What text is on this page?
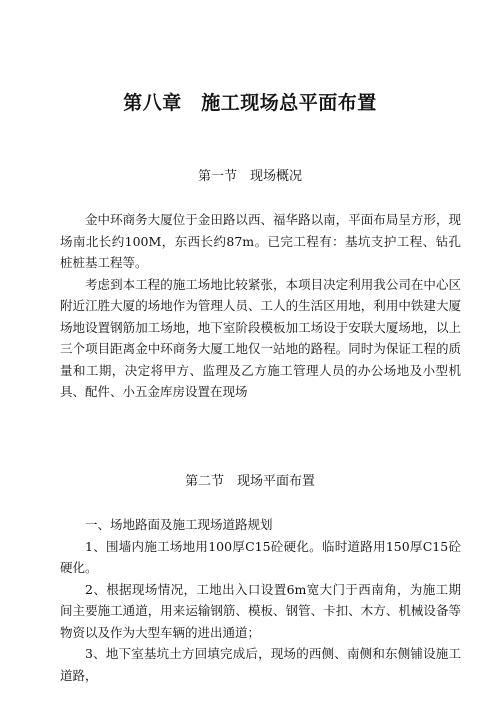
第八章　施工现场总平面布置
第一节　现场概况

金中环商务大厦位于金田路以西、福华路以南，平面布局呈方形，现场南北长约100M，东西长约87m。已完工程有：基坑支护工程、钻孔桩桩基工程等。

考虑到本工程的施工场地比较紧张，本项目决定利用我公司在中心区附近江胜大厦的场地作为管理人员、工人的生活区用地，利用中铁建大厦场地设置钢筋加工场地，地下室阶段模板加工场设于安联大厦场地，以上三个项目距离金中环商务大厦工地仅一站地的路程。同时为保证工程的质量和工期，决定将甲方、监理及乙方施工管理人员的办公场地及小型机具、配件、小五金库房设置在现场

第二节　现场平面布置

一、场地路面及施工现场道路规划

1、围墙内施工场地用100厚C15砼硬化。临时道路用150厚C15砼硬化。

2、根据现场情况，工地出入口设置6m宽大门于西南角，为施工期间主要施工通道，用来运输钢筋、模板、钢管、卡扣、木方、机械设备等物资以及作为大型车辆的进出通道；

3、地下室基坑土方回填完成后，现场的西侧、南侧和东侧铺设施工道路，
